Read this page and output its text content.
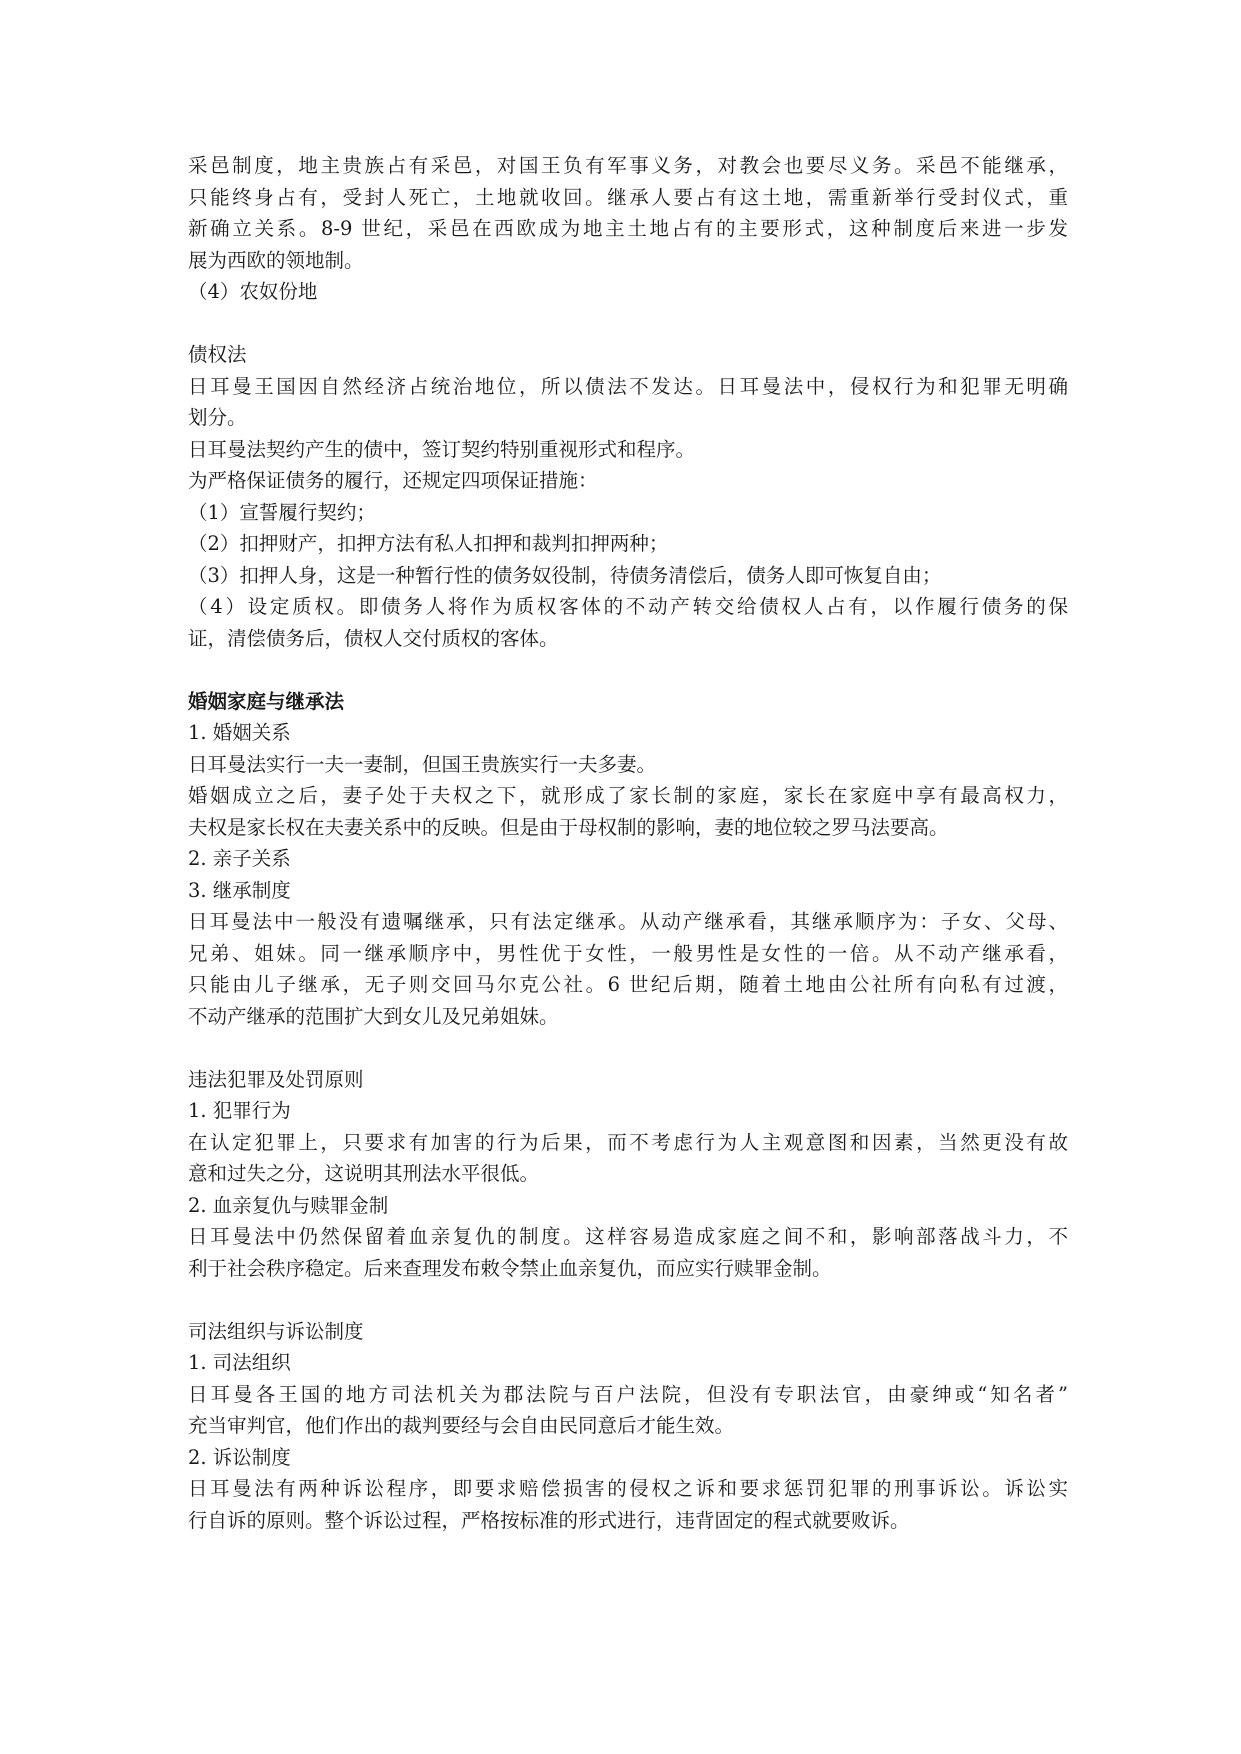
采邑制度，地主贵族占有采邑，对国王负有军事义务，对教会也要尽义务。采邑不能继承，
只能终身占有，受封人死亡，土地就收回。继承人要占有这土地，需重新举行受封仪式，重
新确立关系。8-9 世纪，采邑在西欧成为地主土地占有的主要形式，这种制度后来进一步发
展为西欧的领地制。
（4）农奴份地
债权法
日耳曼王国因自然经济占统治地位，所以债法不发达。日耳曼法中，侵权行为和犯罪无明确
划分。
日耳曼法契约产生的债中，签订契约特别重视形式和程序。
为严格保证债务的履行，还规定四项保证措施：
（1）宣誓履行契约；
（2）扣押财产，扣押方法有私人扣押和裁判扣押两种；
（3）扣押人身，这是一种暂行性的债务奴役制，待债务清偿后，债务人即可恢复自由；
（4）设定质权。即债务人将作为质权客体的不动产转交给债权人占有，以作履行债务的保
证，清偿债务后，债权人交付质权的客体。
婚姻家庭与继承法
1. 婚姻关系
日耳曼法实行一夫一妻制，但国王贵族实行一夫多妻。
婚姻成立之后，妻子处于夫权之下，就形成了家长制的家庭，家长在家庭中享有最高权力，
夫权是家长权在夫妻关系中的反映。但是由于母权制的影响，妻的地位较之罗马法要高。
2. 亲子关系
3. 继承制度
日耳曼法中一般没有遗嘱继承，只有法定继承。从动产继承看，其继承顺序为：子女、父母、
兄弟、姐妹。同一继承顺序中，男性优于女性，一般男性是女性的一倍。从不动产继承看，
只能由儿子继承，无子则交回马尔克公社。6 世纪后期，随着土地由公社所有向私有过渡，
不动产继承的范围扩大到女儿及兄弟姐妹。
违法犯罪及处罚原则
1. 犯罪行为
在认定犯罪上，只要求有加害的行为后果，而不考虑行为人主观意图和因素，当然更没有故
意和过失之分，这说明其刑法水平很低。
2. 血亲复仇与赎罪金制
日耳曼法中仍然保留着血亲复仇的制度。这样容易造成家庭之间不和，影响部落战斗力，不
利于社会秩序稳定。后来查理发布敕令禁止血亲复仇，而应实行赎罪金制。
司法组织与诉讼制度
1. 司法组织
日耳曼各王国的地方司法机关为郡法院与百户法院，但没有专职法官，由豪绅或“知名者”
充当审判官，他们作出的裁判要经与会自由民同意后才能生效。
2. 诉讼制度
日耳曼法有两种诉讼程序，即要求赔偿损害的侵权之诉和要求惩罚犯罪的刑事诉讼。诉讼实
行自诉的原则。整个诉讼过程，严格按标准的形式进行，违背固定的程式就要败诉。
